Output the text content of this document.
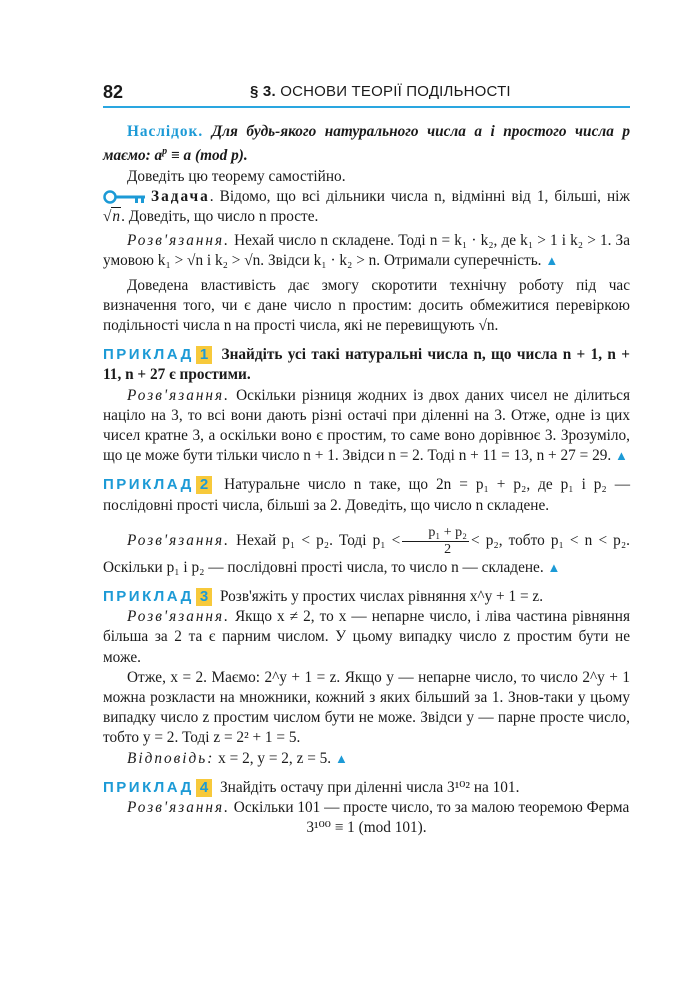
82	§ 3. ОСНОВИ ТЕОРІЇ ПОДІЛЬНОСТІ

Наслідок. Для будь-якого натурального числа a і простого числа p маємо: $a^p \equiv a$ (mod p).

Доведіть цю теорему самостійно.

Задача. Відомо, що всі дільники числа n, відмінні від 1, більші, ніж √n. Доведіть, що число n просте.

Розв'язання. Нехай число n складене. Тоді n = k₁ · k₂, де k₁ > 1 і k₂ > 1. За умовою k₁ > √n і k₂ > √n. Звідси k₁ · k₂ > n. Отримали суперечність. ▲

Доведена властивість дає змогу скоротити технічну роботу під час визначення того, чи є дане число n простим: досить обмежитися перевіркою подільності числа n на прості числа, які не перевищують √n.

ПРИКЛАД 1 Знайдіть усі такі натуральні числа n, що числа n + 1, n + 11, n + 27 є простими.

Розв'язання. Оскільки різниця жодних із двох даних чисел не ділиться націло на 3, то всі вони дають різні остачі при діленні на 3. Отже, одне із цих чисел кратне 3, а оскільки воно є простим, то саме воно дорівнює 3. Зрозуміло, що це може бути тільки число n + 1. Звідси n = 2. Тоді n + 11 = 13, n + 27 = 29. ▲

ПРИКЛАД 2 Натуральне число n таке, що 2n = p₁ + p₂, де p₁ і p₂ — послідовні прості числа, більші за 2. Доведіть, що число n складене.

Розв'язання. Нехай p₁ < p₂. Тоді $p_1 < \frac{\text{p₁ + p₂}}{2} < p_2$, тобто p₁ < n < p₂. Оскільки p₁ і p₂ — послідовні прості числа, то число n — складене. ▲

ПРИКЛАД 3 Розв'яжіть у простих числах рівняння x^y + 1 = z.

Розв'язання. Якщо x ≠ 2, то x — непарне число, і ліва частина рівняння більша за 2 та є парним числом. У цьому випадку число z простим бути не може.

Отже, x = 2. Маємо: 2^y + 1 = z. Якщо y — непарне число, то число 2^y + 1 можна розкласти на множники, кожний з яких більший за 1. Знов-таки у цьому випадку число z простим числом бути не може. Звідси y — парне просте число, тобто y = 2. Тоді z = 2² + 1 = 5.

Відповідь: x = 2, y = 2, z = 5. ▲

ПРИКЛАД 4 Знайдіть остачу при діленні числа 3¹⁰² на 101.

Розв'язання. Оскільки 101 — просте число, то за малою теоремою Ферма

3¹⁰⁰ ≡ 1 (mod 101).
